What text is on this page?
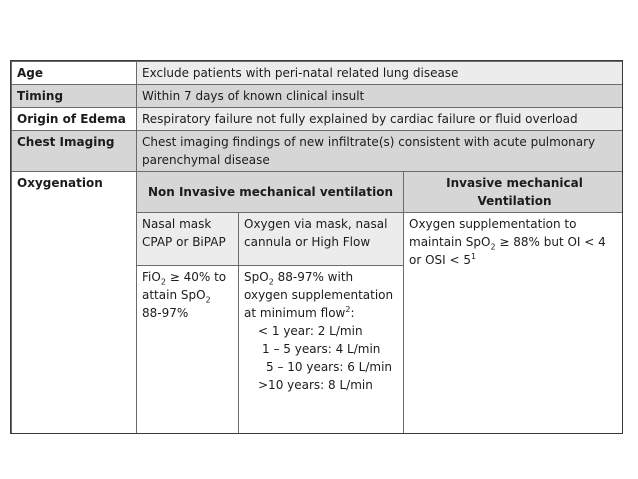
Age	Exclude patients with peri-natal related lung disease		
Timing	Within 7 days of known clinical insult		
Origin of Edema	Respiratory failure not fully explained by cardiac failure or fluid overload		
Chest Imaging	Chest imaging findings of new infiltrate(s) consistent with acute pulmonary parenchymal disease		
Oxygenation	Non Invasive mechanical ventilation		Invasive mechanical Ventilation
	Nasal mask CPAP or BiPAP	Oxygen via mask, nasal cannula or High Flow	Oxygen supplementation to maintain SpO$_2$ ≥ 88% but OI < 4 or OSI < $5^1$
	FiO$_2$ ≥ 40% to attain SpO$_2$ 88-97%	SpO$_2$ 88-97% with oxygen supplementation at minimum flow$^2$:
< 1 year: 2 L/min
1 – 5 years: 4 L/min
5 – 10 years: 6 L/min
>10 years: 8 L/min	
